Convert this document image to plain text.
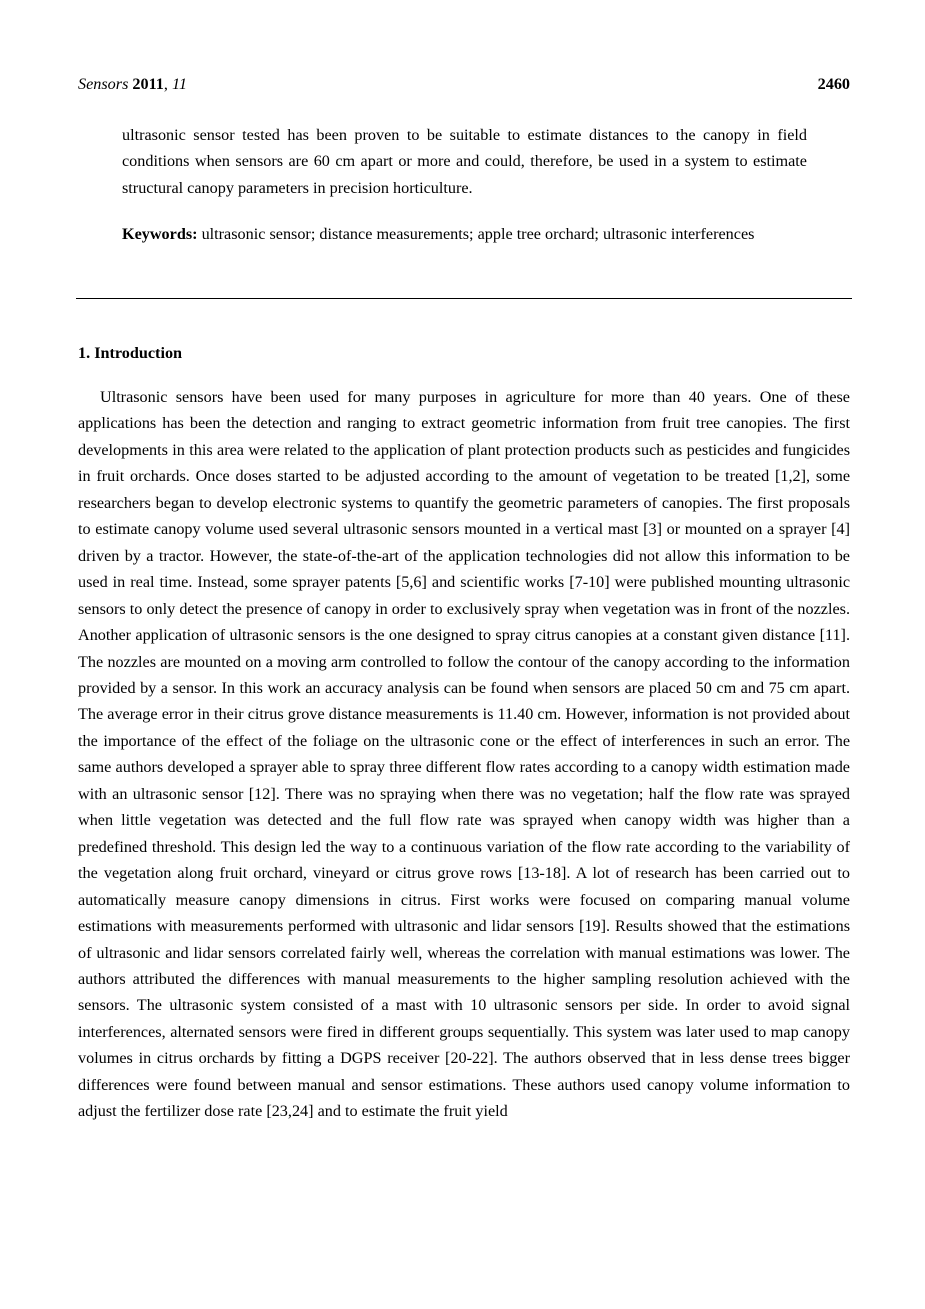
Sensors 2011, 11	2460

ultrasonic sensor tested has been proven to be suitable to estimate distances to the canopy in field conditions when sensors are 60 cm apart or more and could, therefore, be used in a system to estimate structural canopy parameters in precision horticulture.

Keywords: ultrasonic sensor; distance measurements; apple tree orchard; ultrasonic interferences
1. Introduction

Ultrasonic sensors have been used for many purposes in agriculture for more than 40 years. One of these applications has been the detection and ranging to extract geometric information from fruit tree canopies. The first developments in this area were related to the application of plant protection products such as pesticides and fungicides in fruit orchards. Once doses started to be adjusted according to the amount of vegetation to be treated [1,2], some researchers began to develop electronic systems to quantify the geometric parameters of canopies. The first proposals to estimate canopy volume used several ultrasonic sensors mounted in a vertical mast [3] or mounted on a sprayer [4] driven by a tractor. However, the state-of-the-art of the application technologies did not allow this information to be used in real time. Instead, some sprayer patents [5,6] and scientific works [7-10] were published mounting ultrasonic sensors to only detect the presence of canopy in order to exclusively spray when vegetation was in front of the nozzles. Another application of ultrasonic sensors is the one designed to spray citrus canopies at a constant given distance [11]. The nozzles are mounted on a moving arm controlled to follow the contour of the canopy according to the information provided by a sensor. In this work an accuracy analysis can be found when sensors are placed 50 cm and 75 cm apart. The average error in their citrus grove distance measurements is 11.40 cm. However, information is not provided about the importance of the effect of the foliage on the ultrasonic cone or the effect of interferences in such an error. The same authors developed a sprayer able to spray three different flow rates according to a canopy width estimation made with an ultrasonic sensor [12]. There was no spraying when there was no vegetation; half the flow rate was sprayed when little vegetation was detected and the full flow rate was sprayed when canopy width was higher than a predefined threshold. This design led the way to a continuous variation of the flow rate according to the variability of the vegetation along fruit orchard, vineyard or citrus grove rows [13-18]. A lot of research has been carried out to automatically measure canopy dimensions in citrus. First works were focused on comparing manual volume estimations with measurements performed with ultrasonic and lidar sensors [19]. Results showed that the estimations of ultrasonic and lidar sensors correlated fairly well, whereas the correlation with manual estimations was lower. The authors attributed the differences with manual measurements to the higher sampling resolution achieved with the sensors. The ultrasonic system consisted of a mast with 10 ultrasonic sensors per side. In order to avoid signal interferences, alternated sensors were fired in different groups sequentially. This system was later used to map canopy volumes in citrus orchards by fitting a DGPS receiver [20-22]. The authors observed that in less dense trees bigger differences were found between manual and sensor estimations. These authors used canopy volume information to adjust the fertilizer dose rate [23,24] and to estimate the fruit yield
